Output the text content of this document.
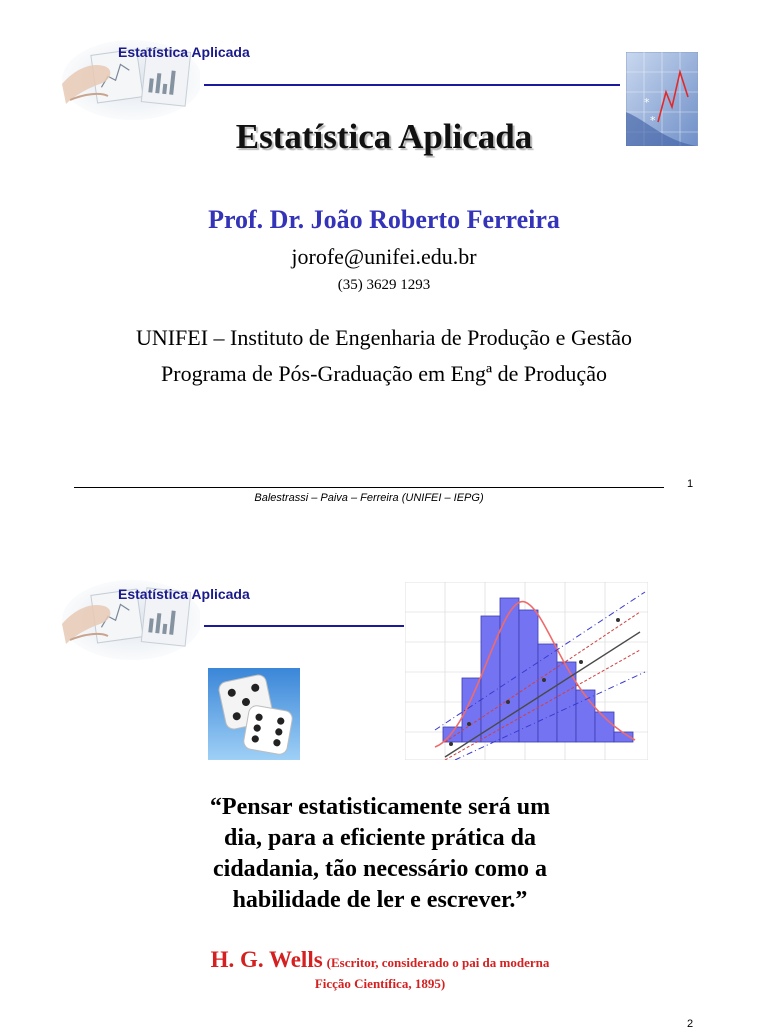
Estatística Aplicada
*
*
Estatística Aplicada
Prof. Dr. João Roberto Ferreira
jorofe@unifei.edu.br
(35) 3629 1293
UNIFEI – Instituto de Engenharia de Produção e Gestão
Programa de Pós-Graduação em Engª de Produção
1
Balestrassi – Paiva – Ferreira (UNIFEI – IEPG)
Estatística Aplicada
“Pensar estatisticamente será um
dia, para a eficiente prática da
cidadania, tão necessário como a
habilidade de ler e escrever.”
H. G. Wells (Escritor, considerado o pai da moderna
Ficção Científica, 1895)
2
